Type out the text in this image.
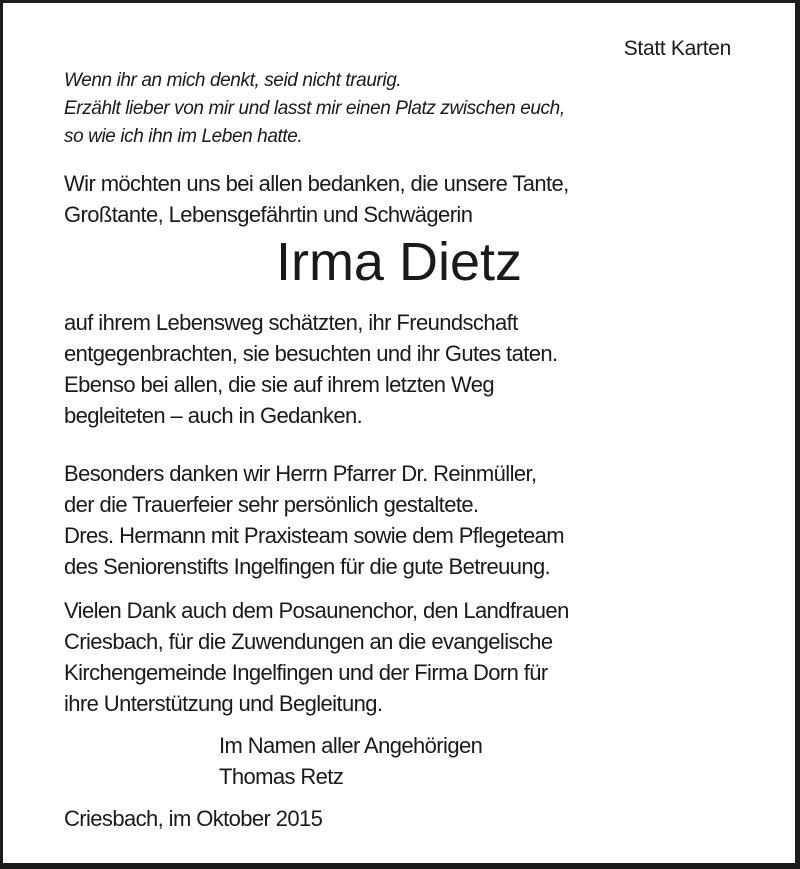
Statt Karten
Wenn ihr an mich denkt, seid nicht traurig.
Erzählt lieber von mir und lasst mir einen Platz zwischen euch,
so wie ich ihn im Leben hatte.
Wir möchten uns bei allen bedanken, die unsere Tante,
Großtante, Lebensgefährtin und Schwägerin
Irma Dietz
auf ihrem Lebensweg schätzten, ihr Freundschaft
entgegenbrachten, sie besuchten und ihr Gutes taten.
Ebenso bei allen, die sie auf ihrem letzten Weg
begleiteten – auch in Gedanken.
Besonders danken wir Herrn Pfarrer Dr. Reinmüller,
der die Trauerfeier sehr persönlich gestaltete.
Dres. Hermann mit Praxisteam sowie dem Pflegeteam
des Seniorenstifts Ingelfingen für die gute Betreuung.
Vielen Dank auch dem Posaunenchor, den Landfrauen
Criesbach, für die Zuwendungen an die evangelische
Kirchengemeinde Ingelfingen und der Firma Dorn für
ihre Unterstützung und Begleitung.
Im Namen aller Angehörigen
Thomas Retz
Criesbach, im Oktober 2015
